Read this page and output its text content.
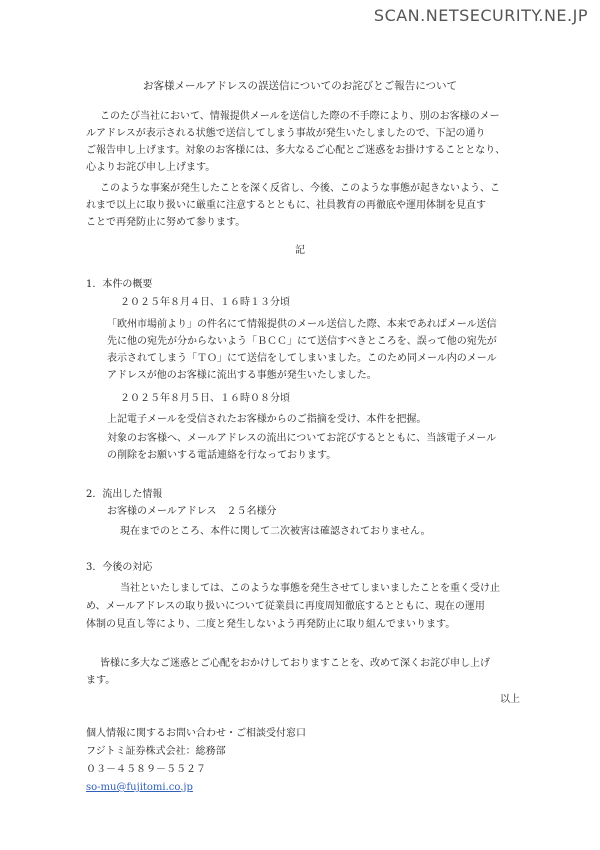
SCAN.NETSECURITY.NE.JP
お客様メールアドレスの誤送信についてのお詫びとご報告について
このたび当社において、情報提供メールを送信した際の不手際により、別のお客様のメー
ルアドレスが表示される状態で送信してしまう事故が発生いたしましたので、下記の通り
ご報告申し上げます。対象のお客様には、多大なるご心配とご迷惑をお掛けすることとなり、
心よりお詫び申し上げます。
このような事案が発生したことを深く反省し、今後、このような事態が起きないよう、こ
れまで以上に取り扱いに厳重に注意するとともに、社員教育の再徹底や運用体制を見直す
ことで再発防止に努めて参ります。
記
1．本件の概要
２０２５年８月４日、１６時１３分頃
「欧州市場前より」の件名にて情報提供のメール送信した際、本来であればメール送信
先に他の宛先が分からないよう「ＢＣＣ」にて送信すべきところを、誤って他の宛先が
表示されてしまう「ＴＯ」にて送信をしてしまいました。このため同メール内のメール
アドレスが他のお客様に流出する事態が発生いたしました。
２０２５年８月５日、１６時０８分頃
上記電子メールを受信されたお客様からのご指摘を受け、本件を把握。
対象のお客様へ、メールアドレスの流出についてお詫びするとともに、当該電子メール
の削除をお願いする電話連絡を行なっております。
2．流出した情報
お客様のメールアドレス　２５名様分
現在までのところ、本件に関して二次被害は確認されておりません。
3．今後の対応
当社といたしましては、このような事態を発生させてしまいましたことを重く受け止
め、メールアドレスの取り扱いについて従業員に再度周知徹底するとともに、現在の運用
体制の見直し等により、二度と発生しないよう再発防止に取り組んでまいります。
皆様に多大なご迷惑とご心配をおかけしておりますことを、改めて深くお詫び申し上げ
ます。
以上
個人情報に関するお問い合わせ・ご相談受付窓口
フジトミ証券株式会社：総務部
０３－４５８９－５５２７
so-mu@fujitomi.co.jp
